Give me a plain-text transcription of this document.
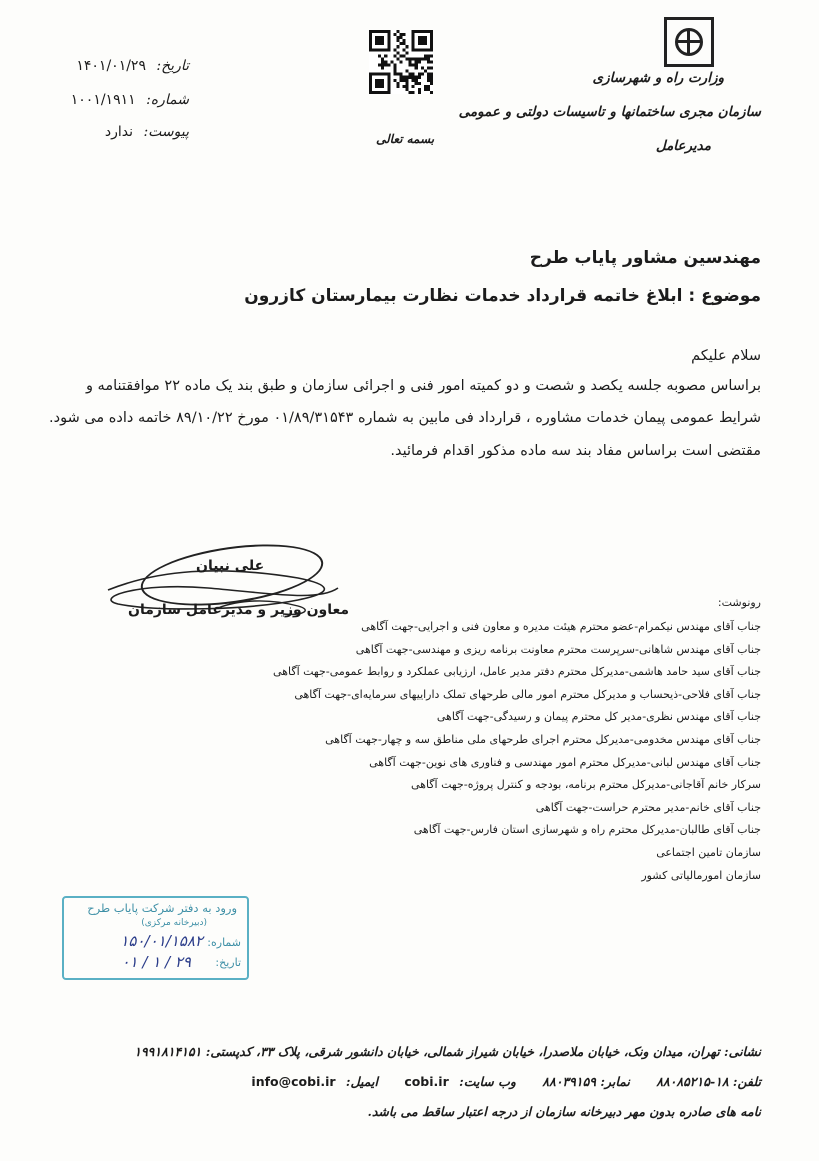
تاریخ: ۱۴۰۱/۰۱/۲۹
شماره: ۱۰۰۱/۱۹۱۱
پیوست: ندارد	بسمه تعالی
وزارت راه و شهرسازی
سازمان مجری ساختمانها و تاسیسات دولتی و عمومی
مدیرعامل
مهندسین مشاور پایاب طرح
موضوع : ابلاغ خاتمه قرارداد خدمات نظارت بیمارستان کازرون
سلام علیکم
براساس مصوبه جلسه یکصد و شصت و دو کمیته امور فنی و اجرائی سازمان و طبق بند یک ماده ۲۲ موافقتنامه و
شرایط عمومی پیمان خدمات مشاوره ، قرارداد فی مابین به شماره ۰۱/۸۹/۳۱۵۴۳ مورخ ۸۹/۱۰/۲۲ خاتمه داده می شود.
مقتضی است براساس مفاد بند سه ماده مذکور اقدام فرمائید.
علی نبیان
معاون وزیر و مدیرعامل سازمان	رونوشت:
جناب آقای مهندس نیکمرام-عضو محترم هیئت مدیره و معاون فنی و اجرایی-جهت آگاهی
جناب آقای مهندس شاهانی-سرپرست محترم معاونت برنامه ریزی و مهندسی-جهت آگاهی
جناب آقای سید حامد هاشمی-مدیرکل محترم دفتر مدیر عامل، ارزیابی عملکرد و روابط عمومی-جهت آگاهی
جناب آقای فلاحی-ذیحساب و مدیرکل محترم امور مالی طرحهای تملک داراییهای سرمایه‌ای-جهت آگاهی
جناب آقای مهندس نظری-مدیر کل محترم پیمان و رسیدگی-جهت آگاهی
جناب آقای مهندس مخدومی-مدیرکل محترم اجرای طرحهای ملی مناطق سه و چهار-جهت آگاهی
جناب آقای مهندس لبانی-مدیرکل محترم امور مهندسی و فناوری های نوین-جهت آگاهی
سرکار خانم آقاجانی-مدیرکل محترم برنامه، بودجه و کنترل پروژه-جهت آگاهی
جناب آقای خانم-مدیر محترم حراست-جهت آگاهی
جناب آقای طالبان-مدیرکل محترم راه و شهرسازی استان فارس-جهت آگاهی
سازمان تامین اجتماعی
سازمان امورمالیاتی کشور
ورود به دفتر شرکت پایاب طرح
(دبیرخانه مرکزی)
شماره:
۱۵۰/۰۱/۱۵۸۲
تاریخ:
۲۹ / ۱ / ۰۱
نشانی: تهران، میدان ونک، خیابان ملاصدرا، خیابان شیراز شمالی، خیابان دانشور شرقی، پلاک ۳۳، کدپستی: ۱۹۹۱۸۱۴۱۵۱
تلفن: ۱۸-۸۸۰۸۵۲۱۵ نمابر: ۸۸۰۳۹۱۵۹ وب سایت: cobi.ir ایمیل: info@cobi.ir
نامه های صادره بدون مهر دبیرخانه سازمان از درجه اعتبار ساقط می باشد.
